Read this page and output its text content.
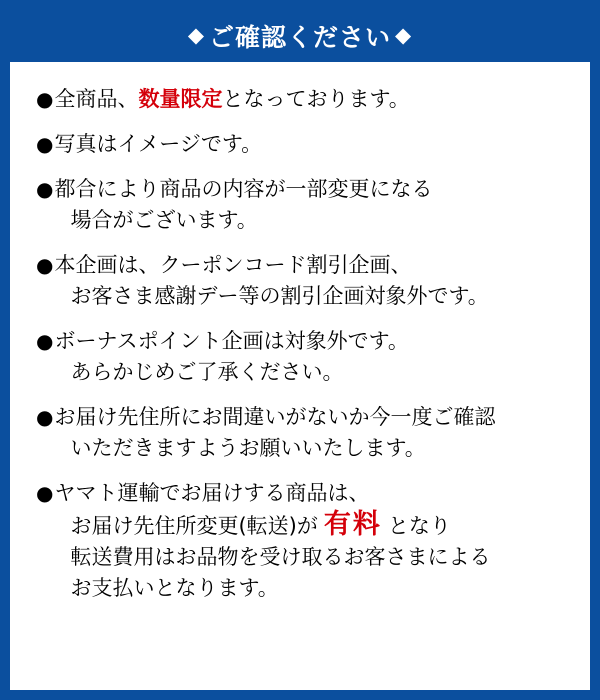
◆ ご確認ください ◆
● 全商品、数量限定となっております。
● 写真はイメージです。
● 都合により商品の内容が一部変更になる
場合がございます。
● 本企画は、クーポンコード割引企画、
お客さま感謝デー等の割引企画対象外です。
● ボーナスポイント企画は対象外です。
あらかじめご了承ください。
● お届け先住所にお間違いがないか今一度ご確認
いただきますようお願いいたします。
● ヤマト運輸でお届けする商品は、
お届け先住所変更(転送)が 有料 となり
転送費用はお品物を受け取るお客さまによる
お支払いとなります。
